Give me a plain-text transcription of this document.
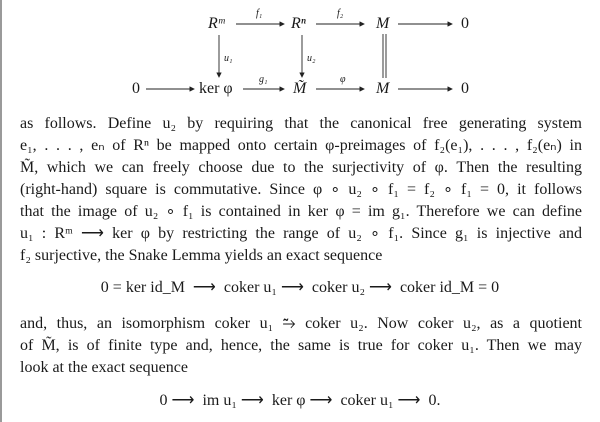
Rᵐ	Rⁿ	M	0
0	ker φ	M̃	M	0
f₁	f₂
u₁	u₂
g₁	φ
as follows. Define u₂ by requiring that the canonical free generating system
e₁, . . . , eₙ of Rⁿ be mapped onto certain φ-preimages of f₂(e₁), . . . , f₂(eₙ) in
M̃, which we can freely choose due to the surjectivity of φ. Then the resulting
(right-hand) square is commutative. Since φ ∘ u₂ ∘ f₁ = f₂ ∘ f₁ = 0, it follows
that the image of u₂ ∘ f₁ is contained in ker φ = im g₁. Therefore we can define
u₁ : Rᵐ ⟶ ker φ by restricting the range of u₂ ∘ f₁. Since g₁ is injective and
f₂ surjective, the Snake Lemma yields an exact sequence
0 = ker id_M  ⟶  coker u₁ ⟶  coker u₂ ⟶  coker id_M = 0
and, thus, an isomorphism coker u₁ ⥲ coker u₂. Now coker u₂, as a quotient
of M̃, is of finite type and, hence, the same is true for coker u₁. Then we may
look at the exact sequence
0 ⟶  im u₁ ⟶  ker φ ⟶  coker u₁ ⟶  0.
